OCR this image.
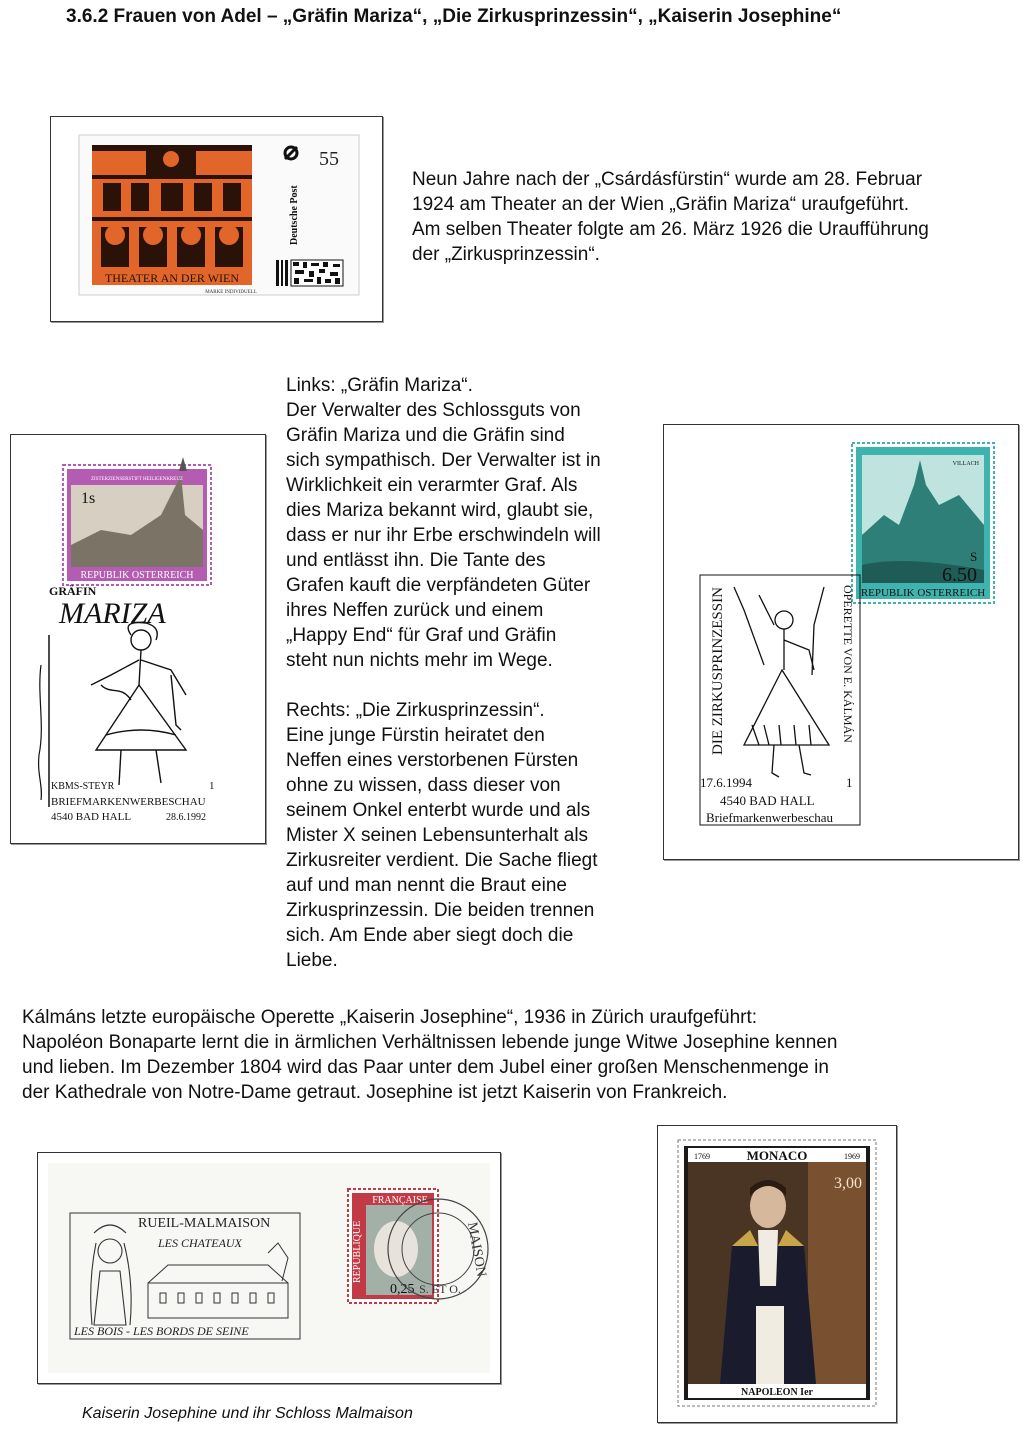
3.6.2 Frauen von Adel – „Gräfin Mariza“, „Die Zirkusprinzessin“, „Kaiserin Josephine“
THEATER AN DER WIEN
MARKE INDIVIDUELL
55
Deutsche Post
Neun Jahre nach der „Csárdásfürstin“ wurde am 28. Februar
1924 am Theater an der Wien „Gräfin Mariza“ uraufgeführt.
Am selben Theater folgte am 26. März 1926 die Uraufführung
der „Zirkusprinzessin“.
1s
ZISTERZIENSERSTIFT HEILIGENKREUZ
REPUBLIK OSTERREICH
GRÄFIN
MARIZA
KBMS-STEYR	1
BRIEFMARKENWERBESCHAU
4540 BAD HALL	28.6.1992
Links: „Gräfin Mariza“.
Der Verwalter des Schlossguts von
Gräfin Mariza und die Gräfin sind
sich sympathisch. Der Verwalter ist in
Wirklichkeit ein verarmter Graf. Als
dies Mariza bekannt wird, glaubt sie,
dass er nur ihr Erbe erschwindeln will
und entlässt ihn. Die Tante des
Grafen kauft die verpfändeten Güter
ihres Neffen zurück und einem
„Happy End“ für Graf und Gräfin
steht nun nichts mehr im Wege.
Rechts: „Die Zirkusprinzessin“.
Eine junge Fürstin heiratet den
Neffen eines verstorbenen Fürsten
ohne zu wissen, dass dieser von
seinem Onkel enterbt wurde und als
Mister X seinen Lebensunterhalt als
Zirkusreiter verdient. Die Sache fliegt
auf und man nennt die Braut eine
Zirkusprinzessin. Die beiden trennen
sich. Am Ende aber siegt doch die
Liebe.
VILLACH
S
6.50
REPUBLIK OSTERREICH
DIE ZIRKUSPRINZESSIN	OPERETTE VON E. KÁLMÁN
17.6.1994	1
4540 BAD HALL
Briefmarkenwerbeschau
Kálmáns letzte europäische Operette „Kaiserin Josephine“, 1936 in Zürich uraufgeführt:
Napoléon Bonaparte lernt die in ärmlichen Verhältnissen lebende junge Witwe Josephine kennen
und lieben. Im Dezember 1804 wird das Paar unter dem Jubel einer großen Menschenmenge in
der Kathedrale von Notre-Dame getraut. Josephine ist jetzt Kaiserin von Frankreich.
RUEIL-MALMAISON
LES CHATEAUX
LES BOIS - LES BORDS DE SEINE
FRANÇAISE
REPUBLIQUE
0,25
MAISON
S. ET O.
1769	MONACO	1969
3,00
NAPOLEON Ier
Kaiserin Josephine und ihr Schloss Malmaison
